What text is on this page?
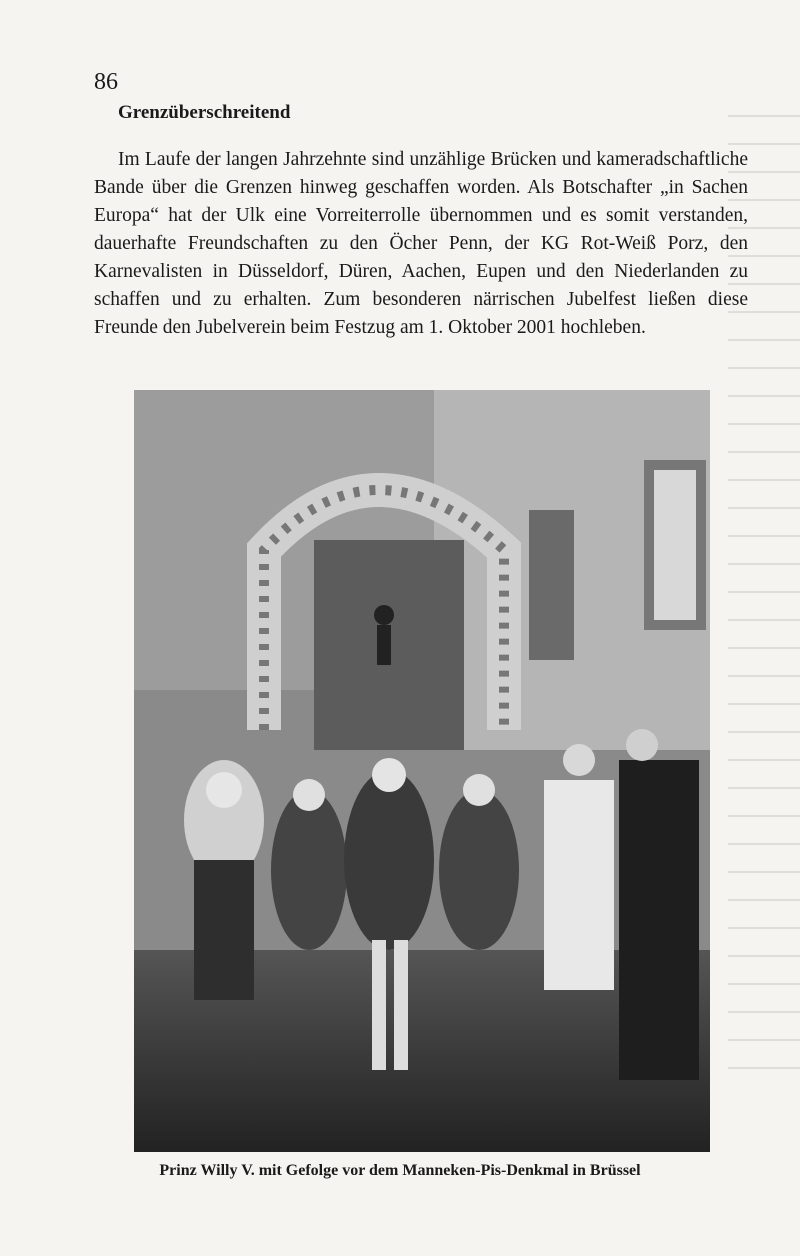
86
Grenzüberschreitend

Im Laufe der langen Jahrzehnte sind unzählige Brücken und kameradschaftliche Bande über die Grenzen hinweg geschaffen worden. Als Botschafter „in Sachen Europa“ hat der Ulk eine Vorreiterrolle übernommen und es somit verstanden, dauerhafte Freundschaften zu den Öcher Penn, der KG Rot-Weiß Porz, den Karnevalisten in Düsseldorf, Düren, Aachen, Eupen und den Niederlanden zu schaffen und zu erhalten. Zum besonderen närrischen Jubelfest ließen diese Freunde den Jubelverein beim Festzug am 1. Oktober 2001 hochleben.

Prinz Willy V. mit Gefolge vor dem Manneken-Pis-Denkmal in Brüssel
